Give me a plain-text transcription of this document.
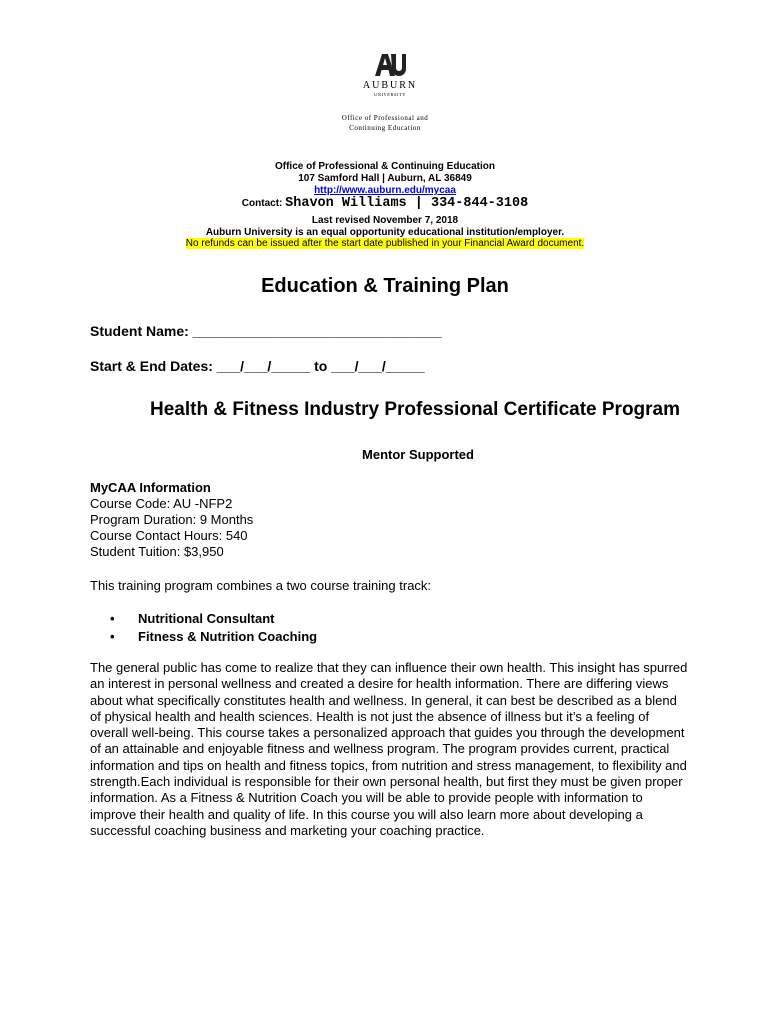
AUBURN
UNIVERSITY
Office of Professional and
Continuing Education
Office of Professional & Continuing Education
107 Samford Hall | Auburn, AL 36849
http://www.auburn.edu/mycaa
Contact: Shavon Williams | 334-844-3108
Last revised November 7, 2018
Auburn University is an equal opportunity educational institution/employer.
No refunds can be issued after the start date published in your Financial Award document.
Education & Training Plan
Student Name: ________________________________
Start & End Dates: ___/___/_____ to ___/___/_____
Health & Fitness Industry Professional Certificate Program
Mentor Supported
MyCAA Information
Course Code: AU -NFP2
Program Duration: 9 Months
Course Contact Hours: 540
Student Tuition: $3,950
This training program combines a two course training track:
•	Nutritional Consultant
•	Fitness & Nutrition Coaching
The general public has come to realize that they can influence their own health. This insight has spurred an interest in personal wellness and created a desire for health information. There are differing views about what specifically constitutes health and wellness. In general, it can best be described as a blend of physical health and health sciences. Health is not just the absence of illness but it’s a feeling of overall well-being. This course takes a personalized approach that guides you through the development of an attainable and enjoyable fitness and wellness program. The program provides current, practical information and tips on health and fitness topics, from nutrition and stress management, to flexibility and strength.Each individual is responsible for their own personal health, but first they must be given proper information. As a Fitness & Nutrition Coach you will be able to provide people with information to improve their health and quality of life. In this course you will also learn more about developing a successful coaching business and marketing your coaching practice.
